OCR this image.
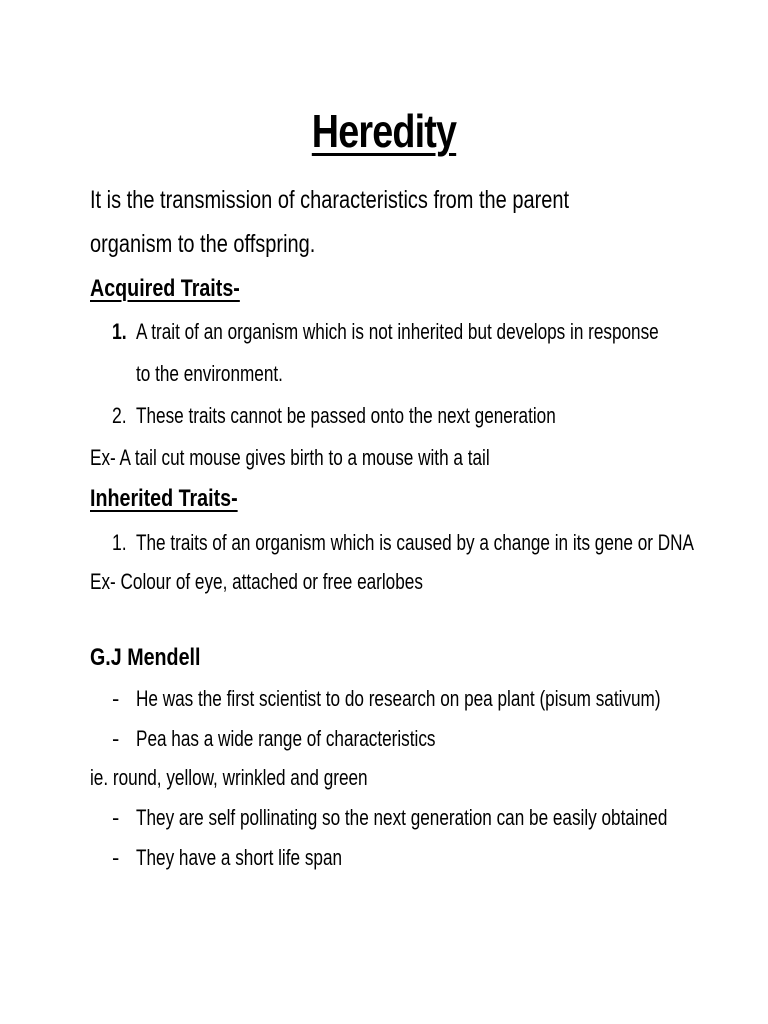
Heredity
It is the transmission of characteristics from the parent
organism to the offspring.
Acquired Traits-
1. A trait of an organism which is not inherited but develops in response
to the environment.
2. These traits cannot be passed onto the next generation
Ex- A tail cut mouse gives birth to a mouse with a tail
Inherited Traits-
1. The traits of an organism which is caused by a change in its gene or DNA
Ex- Colour of eye, attached or free earlobes
G.J Mendell
- He was the first scientist to do research on pea plant (pisum sativum)
- Pea has a wide range of characteristics
ie. round, yellow, wrinkled and green
- They are self pollinating so the next generation can be easily obtained
- They have a short life span
